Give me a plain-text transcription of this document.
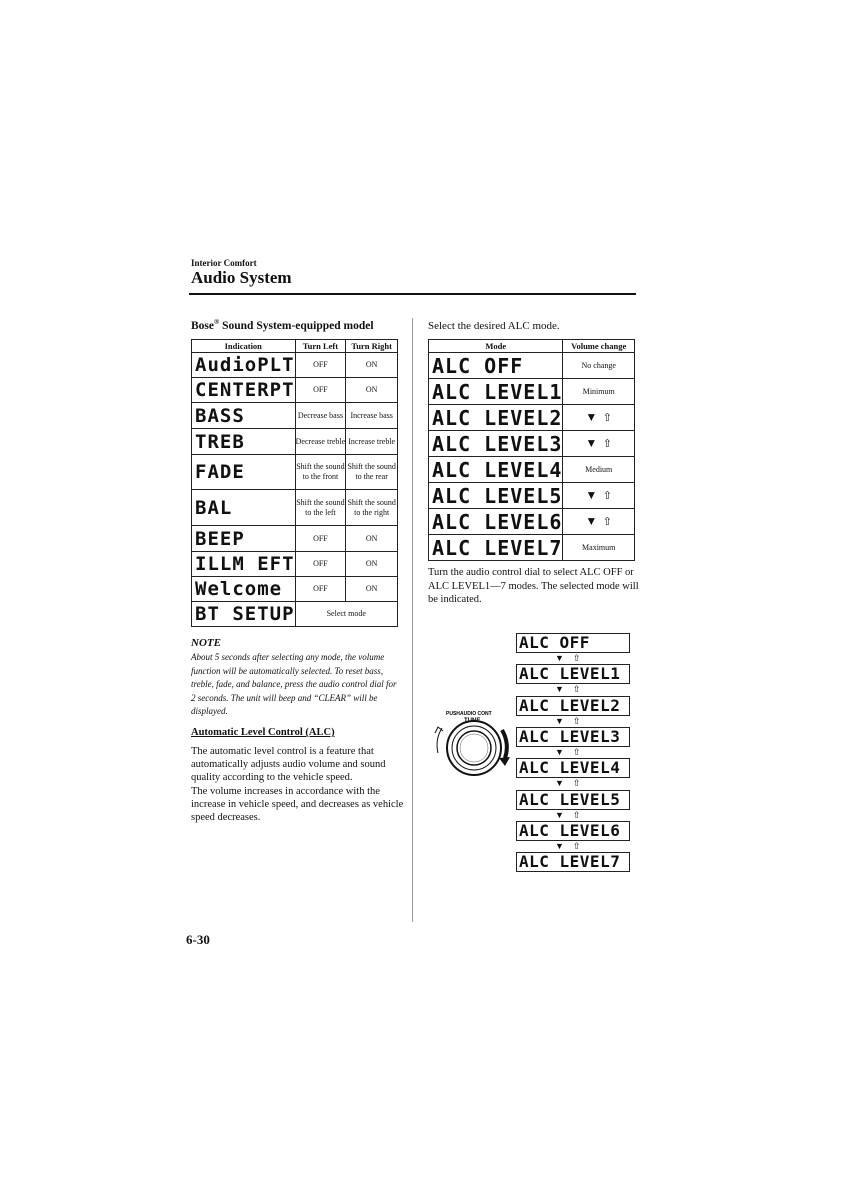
Interior Comfort
Audio System
Bose® Sound System-equipped model
Indication	Turn Left	Turn Right
AudioPLT	OFF	ON
CENTERPT	OFF	ON
BASS	Decrease bass	Increase bass
TREB	Decrease treble	Increase treble
FADE	Shift the sound to the front	Shift the sound to the rear
BAL	Shift the sound to the left	Shift the sound to the right
BEEP	OFF	ON
ILLM EFT	OFF	ON
Welcome	OFF	ON
BT SETUP	Select mode	
NOTE
About 5 seconds after selecting any mode, the volume function will be automatically selected. To reset bass, treble, fade, and balance, press the audio control dial for 2 seconds. The unit will beep and “CLEAR” will be displayed.
Automatic Level Control (ALC)
The automatic level control is a feature that automatically adjusts audio volume and sound quality according to the vehicle speed.
The volume increases in accordance with the increase in vehicle speed, and decreases as vehicle speed decreases.
Select the desired ALC mode.
Mode	Volume change
ALC OFF	No change
ALC LEVEL1	Minimum
ALC LEVEL2	▼ ⇧
ALC LEVEL3	▼ ⇧
ALC LEVEL4	Medium
ALC LEVEL5	▼ ⇧
ALC LEVEL6	▼ ⇧
ALC LEVEL7	Maximum
Turn the audio control dial to select ALC OFF or ALC LEVEL1—7 modes. The selected mode will be indicated.
PUSH AUDIO CONT
TUNE
ALC OFF
▼ ⇧
ALC LEVEL1
▼ ⇧
ALC LEVEL2
▼ ⇧
ALC LEVEL3
▼ ⇧
ALC LEVEL4
▼ ⇧
ALC LEVEL5
▼ ⇧
ALC LEVEL6
▼ ⇧
ALC LEVEL7
6-30
